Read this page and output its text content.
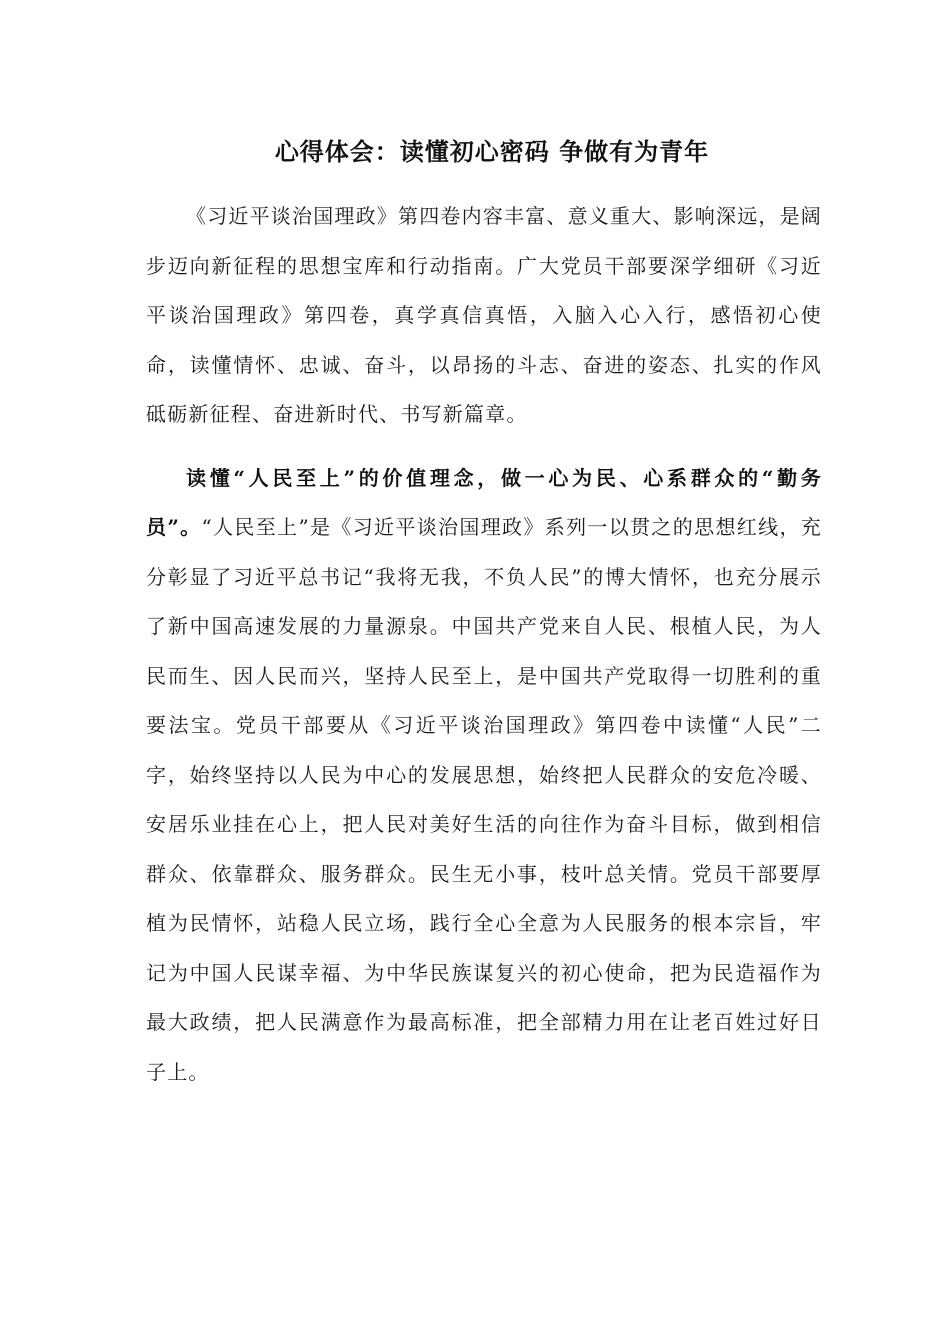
心得体会：读懂初心密码 争做有为青年

《习近平谈治国理政》第四卷内容丰富、意义重大、影响深远，是阔步迈向新征程的思想宝库和行动指南。广大党员干部要深学细研《习近平谈治国理政》第四卷，真学真信真悟，入脑入心入行，感悟初心使命，读懂情怀、忠诚、奋斗，以昂扬的斗志、奋进的姿态、扎实的作风砥砺新征程、奋进新时代、书写新篇章。

读懂“人民至上”的价值理念，做一心为民、心系群众的“勤务员”。“人民至上”是《习近平谈治国理政》系列一以贯之的思想红线，充分彰显了习近平总书记“我将无我，不负人民”的博大情怀，也充分展示了新中国高速发展的力量源泉。中国共产党来自人民、根植人民，为人民而生、因人民而兴，坚持人民至上，是中国共产党取得一切胜利的重要法宝。党员干部要从《习近平谈治国理政》第四卷中读懂“人民”二字，始终坚持以人民为中心的发展思想，始终把人民群众的安危冷暖、安居乐业挂在心上，把人民对美好生活的向往作为奋斗目标，做到相信群众、依靠群众、服务群众。民生无小事，枝叶总关情。党员干部要厚植为民情怀，站稳人民立场，践行全心全意为人民服务的根本宗旨，牢记为中国人民谋幸福、为中华民族谋复兴的初心使命，把为民造福作为最大政绩，把人民满意作为最高标准，把全部精力用在让老百姓过好日子上。
